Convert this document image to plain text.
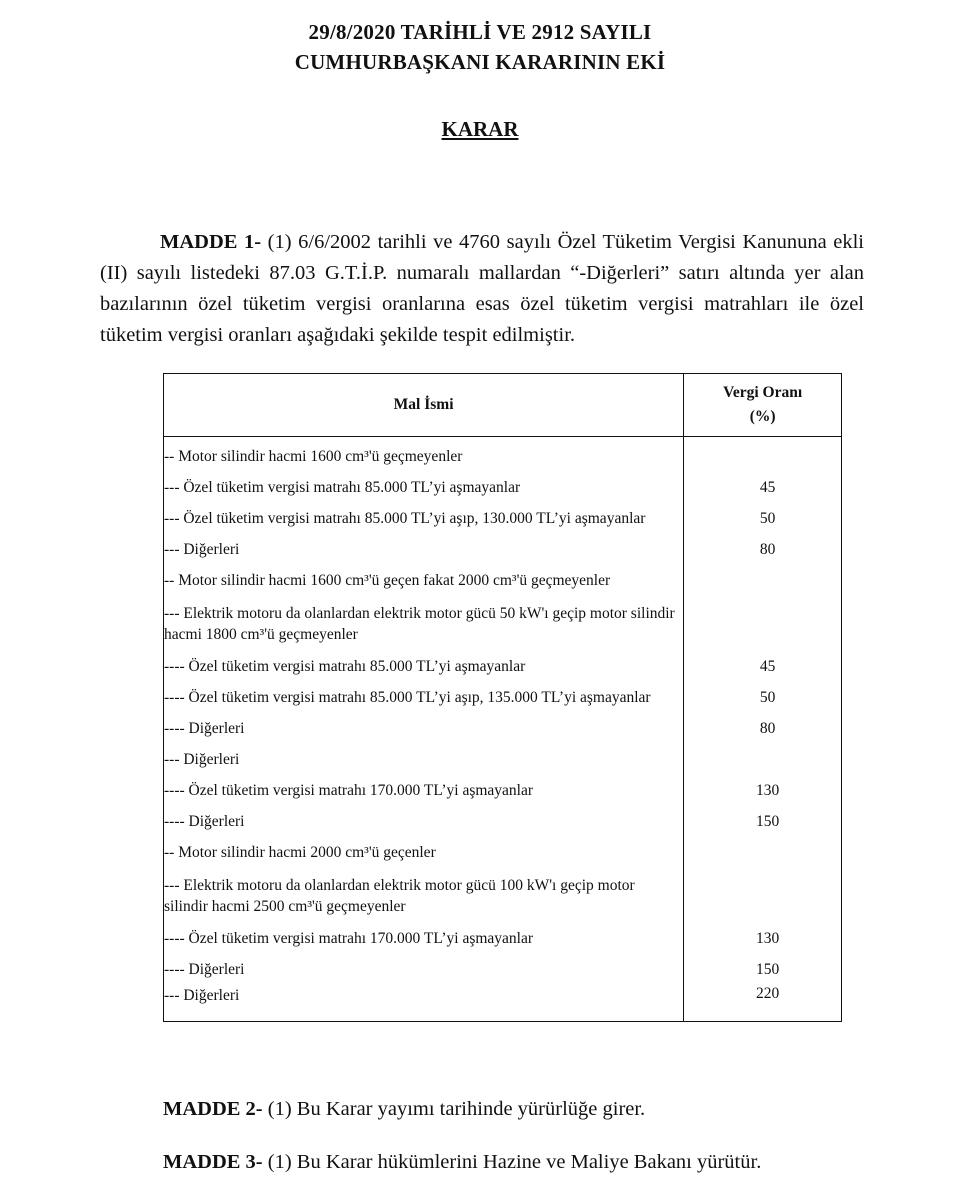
29/8/2020 TARİHLİ VE 2912 SAYILI
CUMHURBAŞKANI KARARININ EKİ
KARAR
MADDE 1- (1) 6/6/2002 tarihli ve 4760 sayılı Özel Tüketim Vergisi Kanununa ekli (II) sayılı listedeki 87.03 G.T.İ.P. numaralı mallardan “-Diğerleri” satırı altında yer alan bazılarının özel tüketim vergisi oranlarına esas özel tüketim vergisi matrahları ile özel tüketim vergisi oranları aşağıdaki şekilde tespit edilmiştir.
Mal İsmi	Vergi Oranı
(%)

-- Motor silindir hacmi 1600 cm³'ü geçmeyenler	
--- Özel tüketim vergisi matrahı 85.000 TL’yi aşmayanlar	45
--- Özel tüketim vergisi matrahı 85.000 TL’yi aşıp, 130.000 TL’yi aşmayanlar	50
--- Diğerleri	80
-- Motor silindir hacmi 1600 cm³'ü geçen fakat 2000 cm³'ü geçmeyenler	
--- Elektrik motoru da olanlardan elektrik motor gücü 50 kW'ı geçip motor silindir hacmi 1800 cm³'ü geçmeyenler	
---- Özel tüketim vergisi matrahı 85.000 TL’yi aşmayanlar	45
---- Özel tüketim vergisi matrahı 85.000 TL’yi aşıp, 135.000 TL’yi aşmayanlar	50
---- Diğerleri	80
--- Diğerleri	
---- Özel tüketim vergisi matrahı 170.000 TL’yi aşmayanlar	130
---- Diğerleri	150
-- Motor silindir hacmi 2000 cm³'ü geçenler	
--- Elektrik motoru da olanlardan elektrik motor gücü 100 kW'ı geçip motor silindir hacmi 2500 cm³'ü geçmeyenler	
---- Özel tüketim vergisi matrahı 170.000 TL’yi aşmayanlar	130
---- Diğerleri	150
--- Diğerleri	220
MADDE 2- (1) Bu Karar yayımı tarihinde yürürlüğe girer.
MADDE 3- (1) Bu Karar hükümlerini Hazine ve Maliye Bakanı yürütür.
